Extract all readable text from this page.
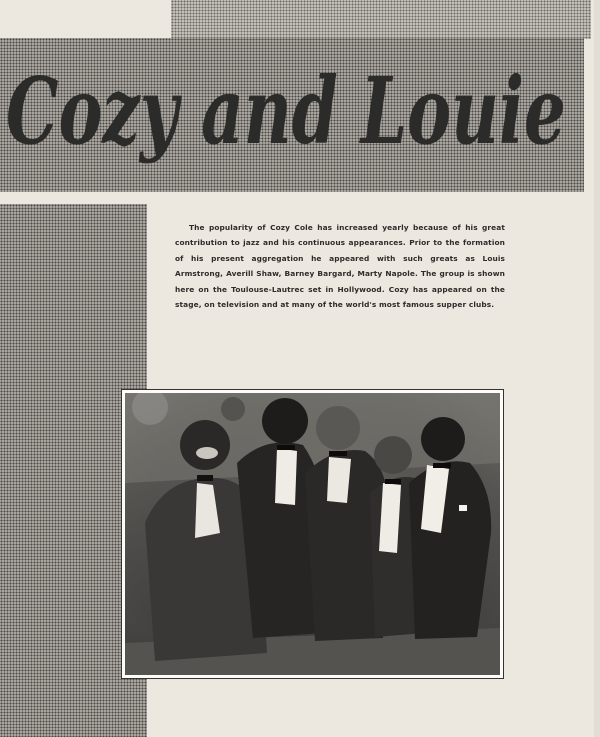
Cozy and Louie

The popularity of Cozy Cole has increased yearly because of his great contribution to jazz and his continuous appearances. Prior to the formation of his present aggregation he appeared with such greats as Louis Armstrong, Averill Shaw, Barney Bargard, Marty Napole. The group is shown here on the Toulouse-Lautrec set in Hollywood. Cozy has appeared on the stage, on television and at many of the world's most famous supper clubs.
